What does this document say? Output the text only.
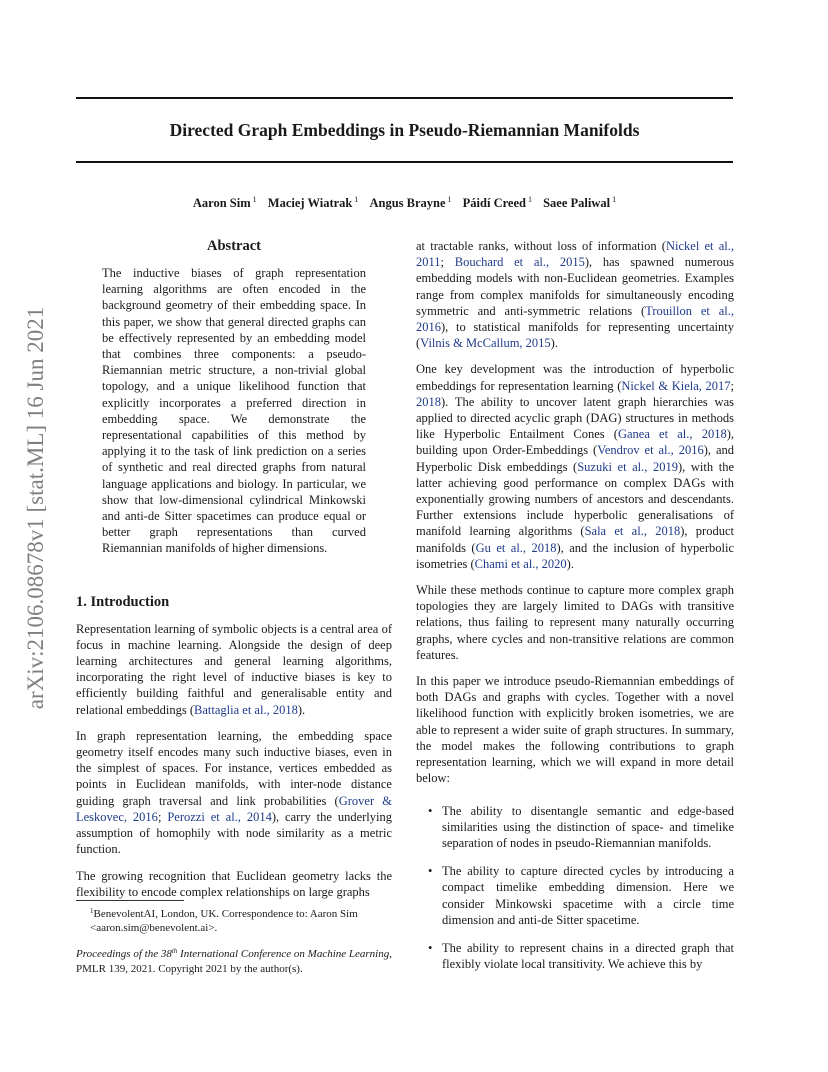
arXiv:2106.08678v1 [stat.ML] 16 Jun 2021
Directed Graph Embeddings in Pseudo-Riemannian Manifolds
Aaron Sim $^1$ Maciej Wiatrak $^1$ Angus Brayne $^1$ Páidí Creed $^1$ Saee Paliwal $^1$
Abstract

The inductive biases of graph representation learning algorithms are often encoded in the background geometry of their embedding space. In this paper, we show that general directed graphs can be effectively represented by an embedding model that combines three components: a pseudo-Riemannian metric structure, a non-trivial global topology, and a unique likelihood function that explicitly incorporates a preferred direction in embedding space. We demonstrate the representational capabilities of this method by applying it to the task of link prediction on a series of synthetic and real directed graphs from natural language applications and biology. In particular, we show that low-dimensional cylindrical Minkowski and anti-de Sitter spacetimes can produce equal or better graph representations than curved Riemannian manifolds of higher dimensions.

1. Introduction

Representation learning of symbolic objects is a central area of focus in machine learning. Alongside the design of deep learning architectures and general learning algorithms, incorporating the right level of inductive biases is key to efficiently building faithful and generalisable entity and relational embeddings (Battaglia et al., 2018).

In graph representation learning, the embedding space geometry itself encodes many such inductive biases, even in the simplest of spaces. For instance, vertices embedded as points in Euclidean manifolds, with inter-node distance guiding graph traversal and link probabilities (Grover & Leskovec, 2016; Perozzi et al., 2014), carry the underlying assumption of homophily with node similarity as a metric function.

The growing recognition that Euclidean geometry lacks the flexibility to encode complex relationships on large graphs

at tractable ranks, without loss of information (Nickel et al., 2011; Bouchard et al., 2015), has spawned numerous embedding models with non-Euclidean geometries. Examples range from complex manifolds for simultaneously encoding symmetric and anti-symmetric relations (Trouillon et al., 2016), to statistical manifolds for representing uncertainty (Vilnis & McCallum, 2015).

One key development was the introduction of hyperbolic embeddings for representation learning (Nickel & Kiela, 2017; 2018). The ability to uncover latent graph hierarchies was applied to directed acyclic graph (DAG) structures in methods like Hyperbolic Entailment Cones (Ganea et al., 2018), building upon Order-Embeddings (Vendrov et al., 2016), and Hyperbolic Disk embeddings (Suzuki et al., 2019), with the latter achieving good performance on complex DAGs with exponentially growing numbers of ancestors and descendants. Further extensions include hyperbolic generalisations of manifold learning algorithms (Sala et al., 2018), product manifolds (Gu et al., 2018), and the inclusion of hyperbolic isometries (Chami et al., 2020).

While these methods continue to capture more complex graph topologies they are largely limited to DAGs with transitive relations, thus failing to represent many naturally occurring graphs, where cycles and non-transitive relations are common features.

In this paper we introduce pseudo-Riemannian embeddings of both DAGs and graphs with cycles. Together with a novel likelihood function with explicitly broken isometries, we are able to represent a wider suite of graph structures. In summary, the model makes the following contributions to graph representation learning, which we will expand in more detail below:

• The ability to disentangle semantic and edge-based similarities using the distinction of space- and timelike separation of nodes in pseudo-Riemannian manifolds.
• The ability to capture directed cycles by introducing a compact timelike embedding dimension. Here we consider Minkowski spacetime with a circle time dimension and anti-de Sitter spacetime.
• The ability to represent chains in a directed graph that flexibly violate local transitivity. We achieve this by
$^1$BenevolentAI, London, UK. Correspondence to: Aaron Sim <aaron.sim@benevolent.ai>.
Proceedings of the 38th International Conference on Machine Learning, PMLR 139, 2021. Copyright 2021 by the author(s).
